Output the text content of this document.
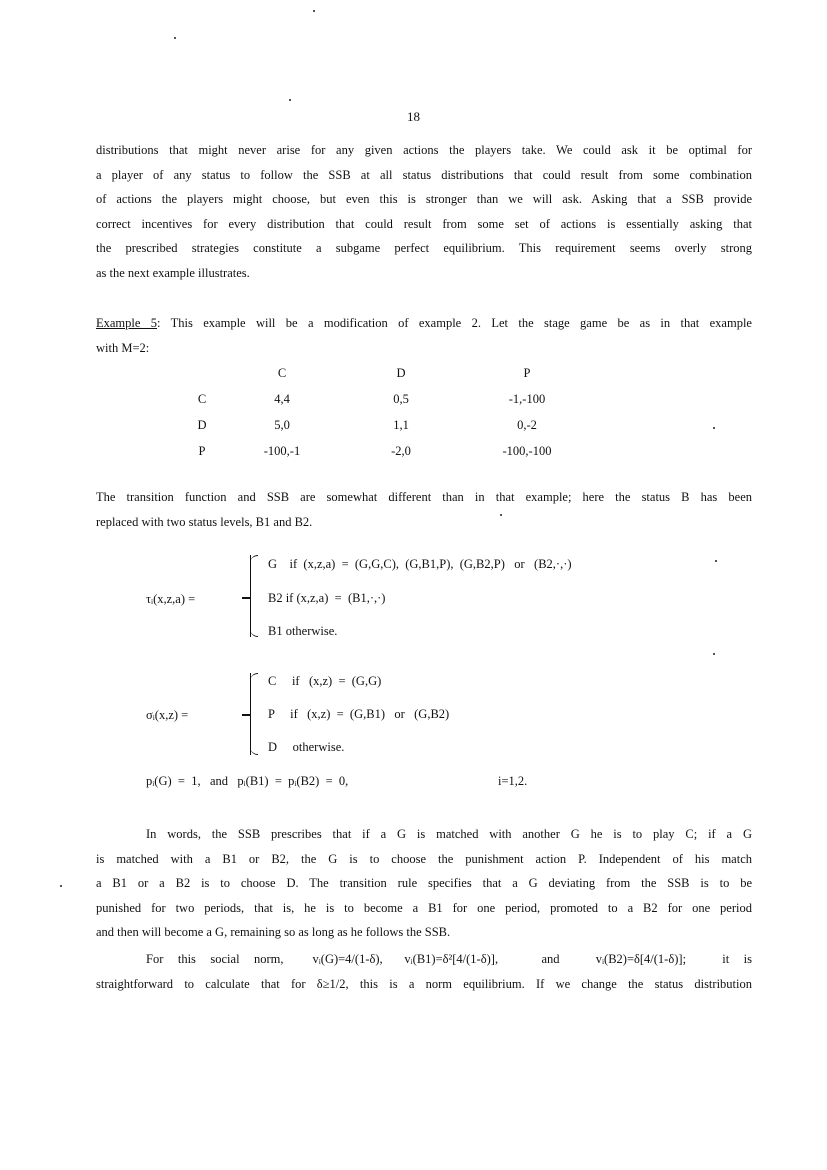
18
distributions that might never arise for any given actions the players take. We could ask it be optimal for
a player of any status to follow the SSB at all status distributions that could result from some combination
of actions the players might choose, but even this is stronger than we will ask. Asking that a SSB provide
correct incentives for every distribution that could result from some set of actions is essentially asking that
the prescribed strategies constitute a subgame perfect equilibrium. This requirement seems overly strong
as the next example illustrates.
Example 5: This example will be a modification of example 2. Let the stage game be as in that example
with M=2:
	C	D	P
C	4,4	0,5	-1,-100
D	5,0	1,1	0,-2
P	-100,-1	-2,0	-100,-100
The transition function and SSB are somewhat different than in that example; here the status B has been
replaced with two status levels, B1 and B2.
τᵢ(x,z,a) =
G    if  (x,z,a)  =  (G,G,C),  (G,B1,P),  (G,B2,P)   or   (B2,·,·)
B2 if (x,z,a)  =  (B1,·,·)
B1 otherwise.
σᵢ(x,z) =
C     if   (x,z)  =  (G,G)
P     if   (x,z)  =  (G,B1)   or   (G,B2)
D     otherwise.
pᵢ(G)  =  1,   and   pᵢ(B1)  =  pᵢ(B2)  =  0,	i=1,2.
In words, the SSB prescribes that if a G is matched with another G he is to play C; if a G
is matched with a B1 or B2, the G is to choose the punishment action P. Independent of his match
a B1 or a B2 is to choose D. The transition rule specifies that a G deviating from the SSB is to be
punished for two periods, that is, he is to become a B1 for one period, promoted to a B2 for one period
and then will become a G, remaining so as long as he follows the SSB.
For  this  social  norm,    vᵢ(G)=4/(1-δ),   vᵢ(B1)=δ²[4/(1-δ)],      and     vᵢ(B2)=δ[4/(1-δ)];     it  is
straightforward to calculate that for δ≥1/2, this is a norm equilibrium. If we change the status distribution
